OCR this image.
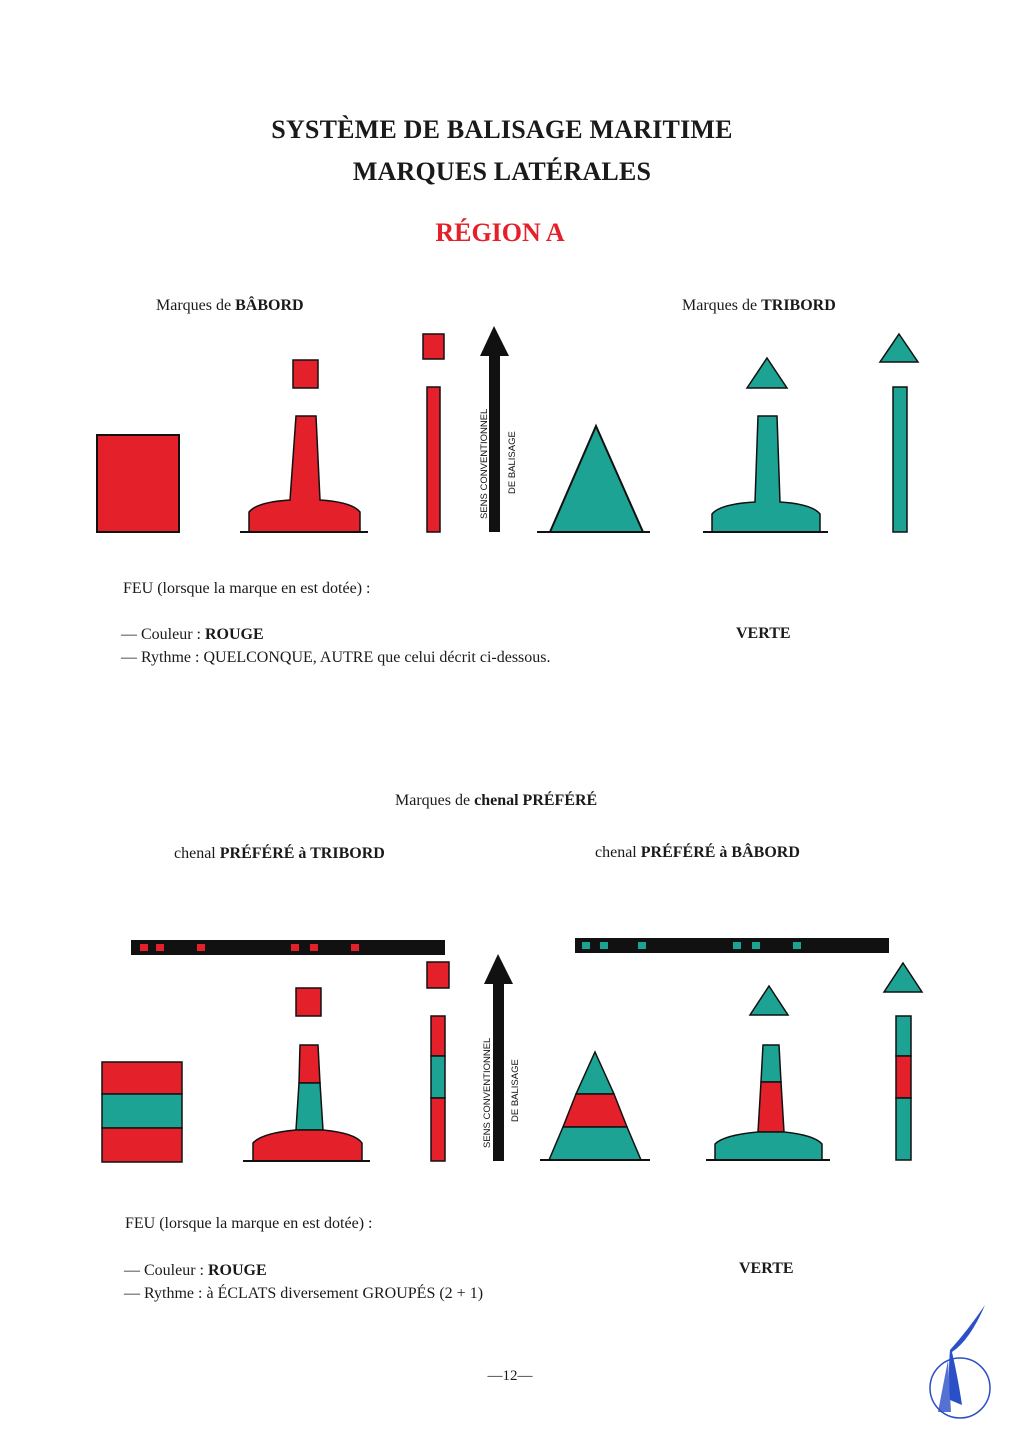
SYSTÈME DE BALISAGE MARITIME
MARQUES LATÉRALES
RÉGION A
Marques de BÂBORD	Marques de TRIBORD
SENS CONVENTIONNEL DE BALISAGE
SENS CONVENTIONNEL DE BALISAGE
FEU (lorsque la marque en est dotée) :
— Couleur : ROUGE	VERTE
— Rythme : QUELCONQUE, AUTRE que celui décrit ci-dessous.
Marques de chenal PRÉFÉRÉ
chenal PRÉFÉRÉ à TRIBORD	chenal PRÉFÉRÉ à BÂBORD
FEU (lorsque la marque en est dotée) :
— Couleur : ROUGE	VERTE
— Rythme : à ÉCLATS diversement GROUPÉS (2 + 1)
—12—
